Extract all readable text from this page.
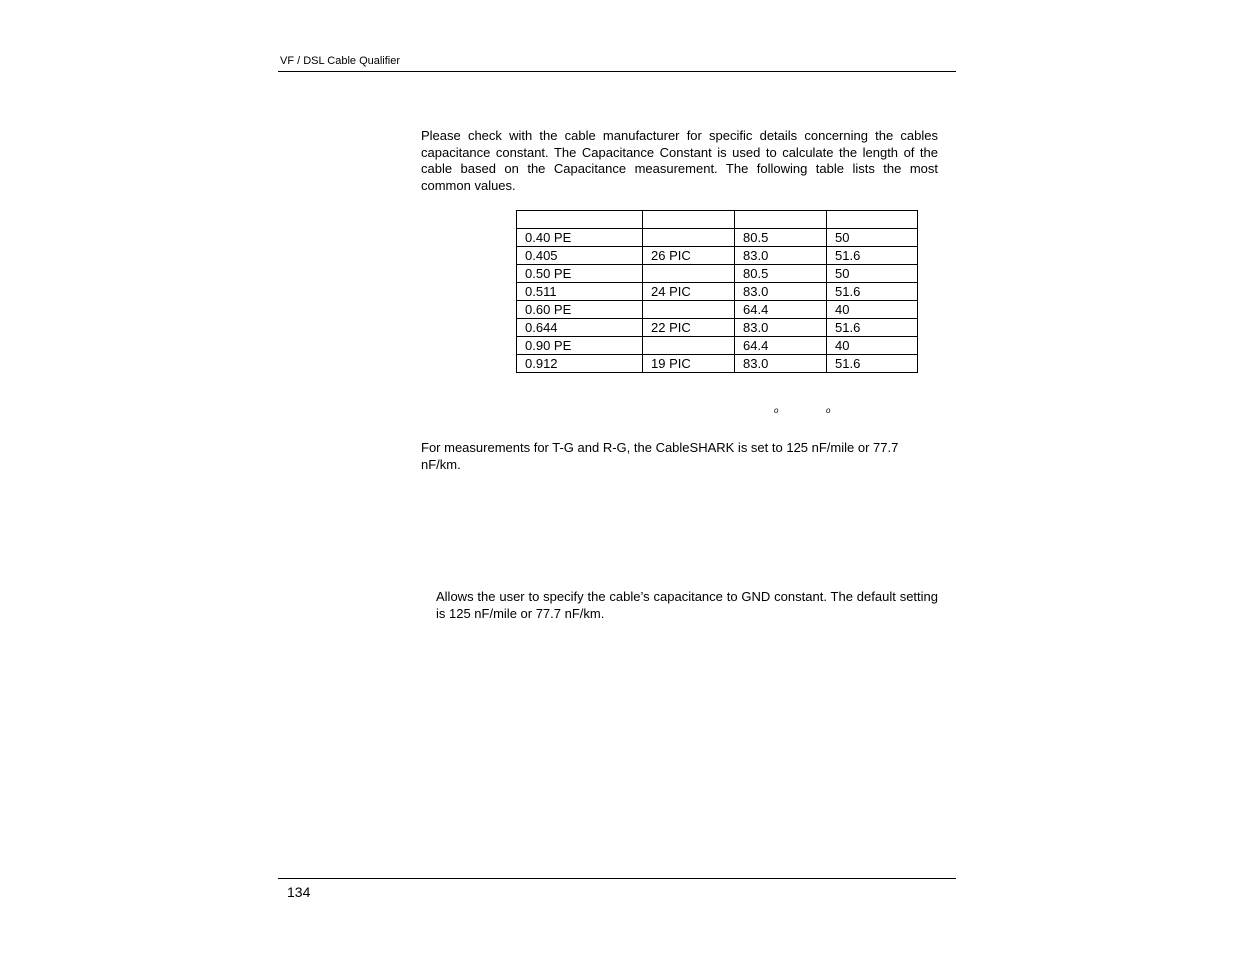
VF / DSL Cable Qualifier

Please check with the cable manufacturer for specific details concerning the cables capacitance constant. The Capacitance Constant is used to calculate the length of the cable based on the Capacitance measurement. The following table lists the most common values.

0.40 PE		80.5	50
0.405	26 PIC	83.0	51.6
0.50 PE		80.5	50
0.511	24 PIC	83.0	51.6
0.60 PE		64.4	40
0.644	22 PIC	83.0	51.6
0.90 PE		64.4	40
0.912	19 PIC	83.0	51.6
o	o

For measurements for T-G and R-G, the CableSHARK is set to 125 nF/mile or 77.7 nF/km.

Allows the user to specify the cable’s capacitance to GND constant. The default setting is 125 nF/mile or 77.7 nF/km.

134
